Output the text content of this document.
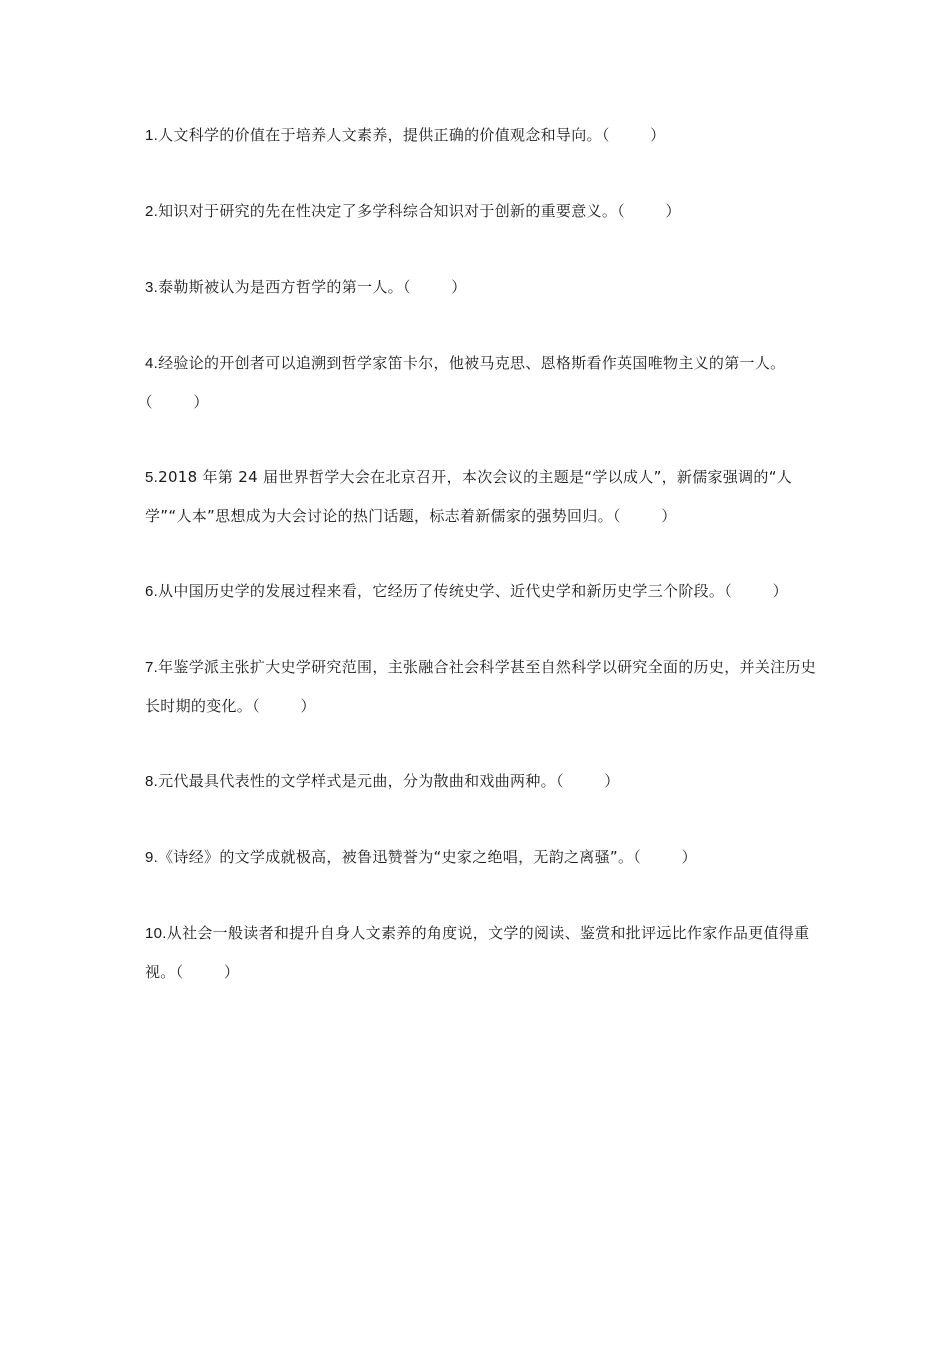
1.人文科学的价值在于培养人文素养，提供正确的价值观念和导向。（        ）

2.知识对于研究的先在性决定了多学科综合知识对于创新的重要意义。（        ）

3.泰勒斯被认为是西方哲学的第一人。（        ）

4.经验论的开创者可以追溯到哲学家笛卡尔，他被马克思、恩格斯看作英国唯物主义的第一人。（        ）

5.2018 年第 24 届世界哲学大会在北京召开，本次会议的主题是“学以成人”，新儒家强调的“人学”“人本”思想成为大会讨论的热门话题，标志着新儒家的强势回归。（        ）

6.从中国历史学的发展过程来看，它经历了传统史学、近代史学和新历史学三个阶段。（        ）

7.年鉴学派主张扩大史学研究范围，主张融合社会科学甚至自然科学以研究全面的历史，并关注历史长时期的变化。（        ）

8.元代最具代表性的文学样式是元曲，分为散曲和戏曲两种。（        ）

9.《诗经》的文学成就极高，被鲁迅赞誉为“史家之绝唱，无韵之离骚”。（        ）

10.从社会一般读者和提升自身人文素养的角度说，文学的阅读、鉴赏和批评远比作家作品更值得重视。（        ）
